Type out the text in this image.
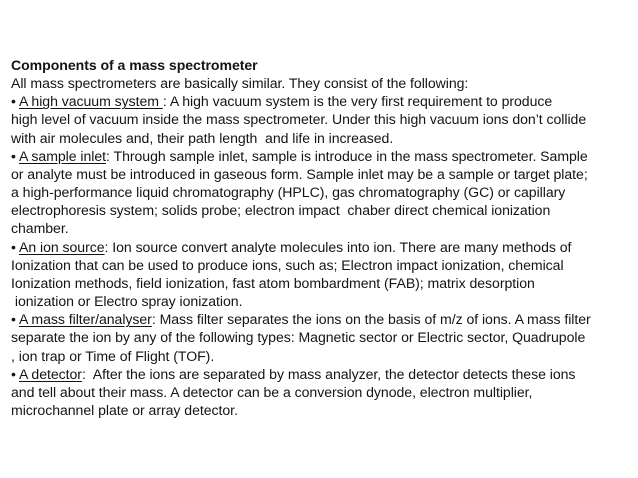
Components of a mass spectrometer
All mass spectrometers are basically similar. They consist of the following:
• A high vacuum system : A high vacuum system is the very first requirement to produce
high level of vacuum inside the mass spectrometer. Under this high vacuum ions don’t collide
with air molecules and, their path length  and life in increased.
• A sample inlet: Through sample inlet, sample is introduce in the mass spectrometer. Sample
or analyte must be introduced in gaseous form. Sample inlet may be a sample or target plate;
a high-performance liquid chromatography (HPLC), gas chromatography (GC) or capillary
electrophoresis system; solids probe; electron impact  chaber direct chemical ionization
chamber.
• An ion source: Ion source convert analyte molecules into ion. There are many methods of
Ionization that can be used to produce ions, such as; Electron impact ionization, chemical
Ionization methods, field ionization, fast atom bombardment (FAB); matrix desorption
ionization or Electro spray ionization.
• A mass filter/analyser: Mass filter separates the ions on the basis of m/z of ions. A mass filter
separate the ion by any of the following types: Magnetic sector or Electric sector, Quadrupole
, ion trap or Time of Flight (TOF).
• A detector:  After the ions are separated by mass analyzer, the detector detects these ions
and tell about their mass. A detector can be a conversion dynode, electron multiplier,
microchannel plate or array detector.
